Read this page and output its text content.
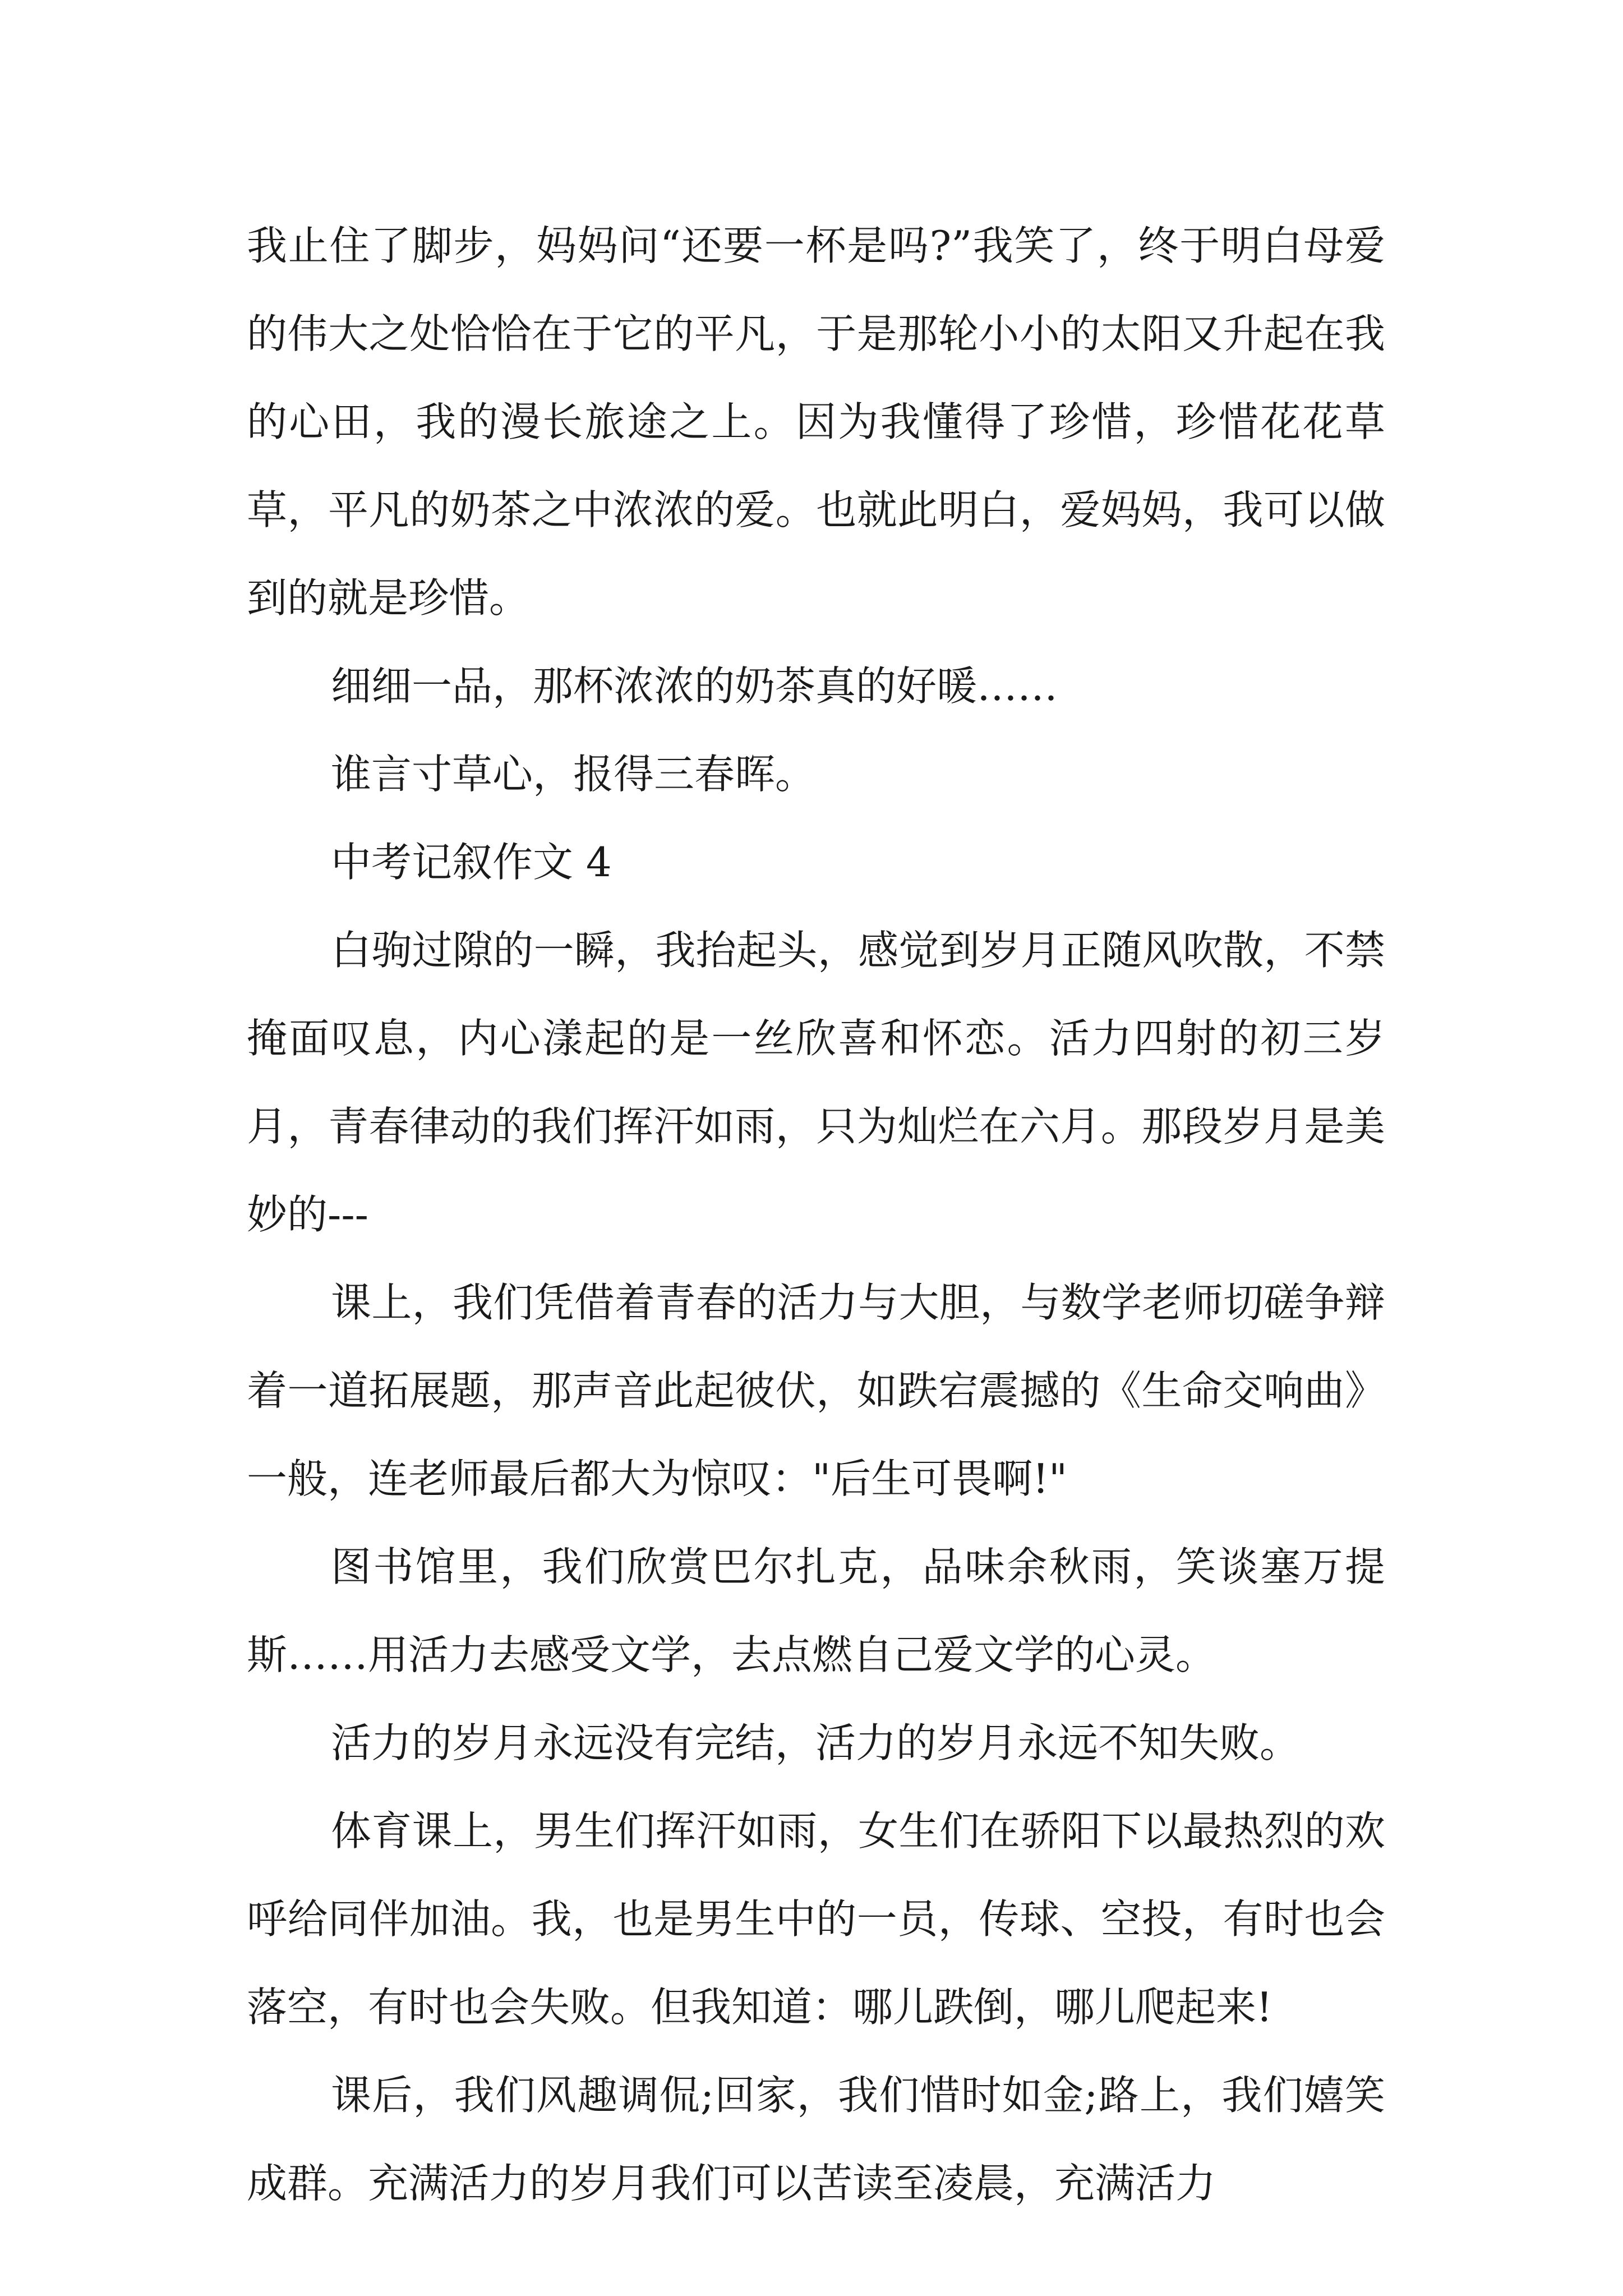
我止住了脚步，妈妈问“还要一杯是吗?”我笑了，终于明白母爱的伟大之处恰恰在于它的平凡，于是那轮小小的太阳又升起在我的心田，我的漫长旅途之上。因为我懂得了珍惜，珍惜花花草草，平凡的奶茶之中浓浓的爱。也就此明白，爱妈妈，我可以做到的就是珍惜。

细细一品，那杯浓浓的奶茶真的好暖……

谁言寸草心，报得三春晖。

中考记叙作文 4

白驹过隙的一瞬，我抬起头，感觉到岁月正随风吹散，不禁掩面叹息，内心漾起的是一丝欣喜和怀恋。活力四射的初三岁月，青春律动的我们挥汗如雨，只为灿烂在六月。那段岁月是美妙的---

课上，我们凭借着青春的活力与大胆，与数学老师切磋争辩着一道拓展题，那声音此起彼伏，如跌宕震撼的《生命交响曲》一般，连老师最后都大为惊叹："后生可畏啊!"

图书馆里，我们欣赏巴尔扎克，品味余秋雨，笑谈塞万提斯……用活力去感受文学，去点燃自己爱文学的心灵。

活力的岁月永远没有完结，活力的岁月永远不知失败。

体育课上，男生们挥汗如雨，女生们在骄阳下以最热烈的欢呼给同伴加油。我，也是男生中的一员，传球、空投，有时也会落空，有时也会失败。但我知道：哪儿跌倒，哪儿爬起来!

课后，我们风趣调侃;回家，我们惜时如金;路上，我们嬉笑成群。充满活力的岁月我们可以苦读至凌晨，充满活力
